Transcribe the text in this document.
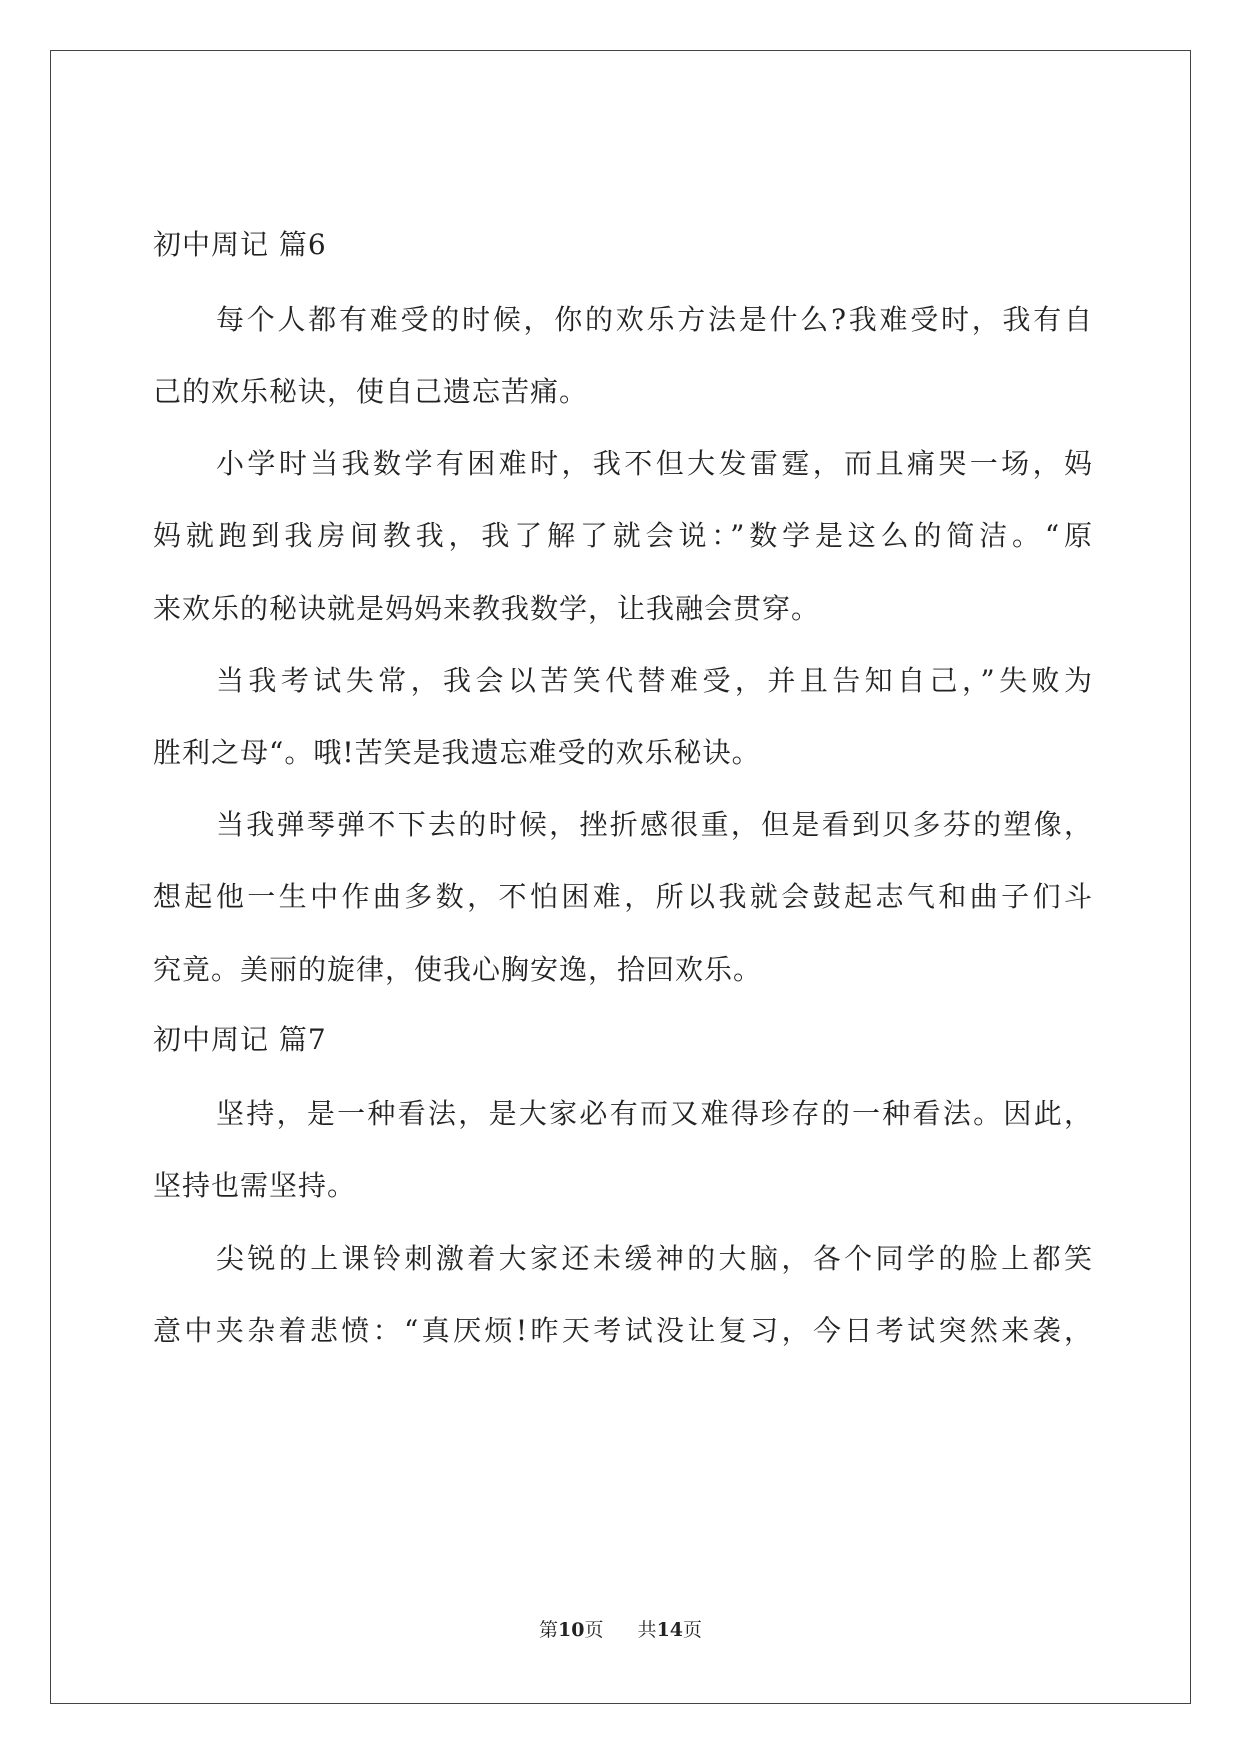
初中周记 篇6
每个人都有难受的时候，你的欢乐方法是什么?我难受时，我有自
己的欢乐秘诀，使自己遗忘苦痛。
小学时当我数学有困难时，我不但大发雷霆，而且痛哭一场，妈
妈就跑到我房间教我，我了解了就会说：”数学是这么的简洁。“原
来欢乐的秘诀就是妈妈来教我数学，让我融会贯穿。
当我考试失常，我会以苦笑代替难受，并且告知自己，”失败为
胜利之母“。哦!苦笑是我遗忘难受的欢乐秘诀。
当我弹琴弹不下去的时候，挫折感很重，但是看到贝多芬的塑像，
想起他一生中作曲多数，不怕困难，所以我就会鼓起志气和曲子们斗
究竟。美丽的旋律，使我心胸安逸，拾回欢乐。
初中周记 篇7
坚持，是一种看法，是大家必有而又难得珍存的一种看法。因此，
坚持也需坚持。
尖锐的上课铃刺激着大家还未缓神的大脑，各个同学的脸上都笑
意中夹杂着悲愤：“真厌烦!昨天考试没让复习，今日考试突然来袭，
第10页 共14页
